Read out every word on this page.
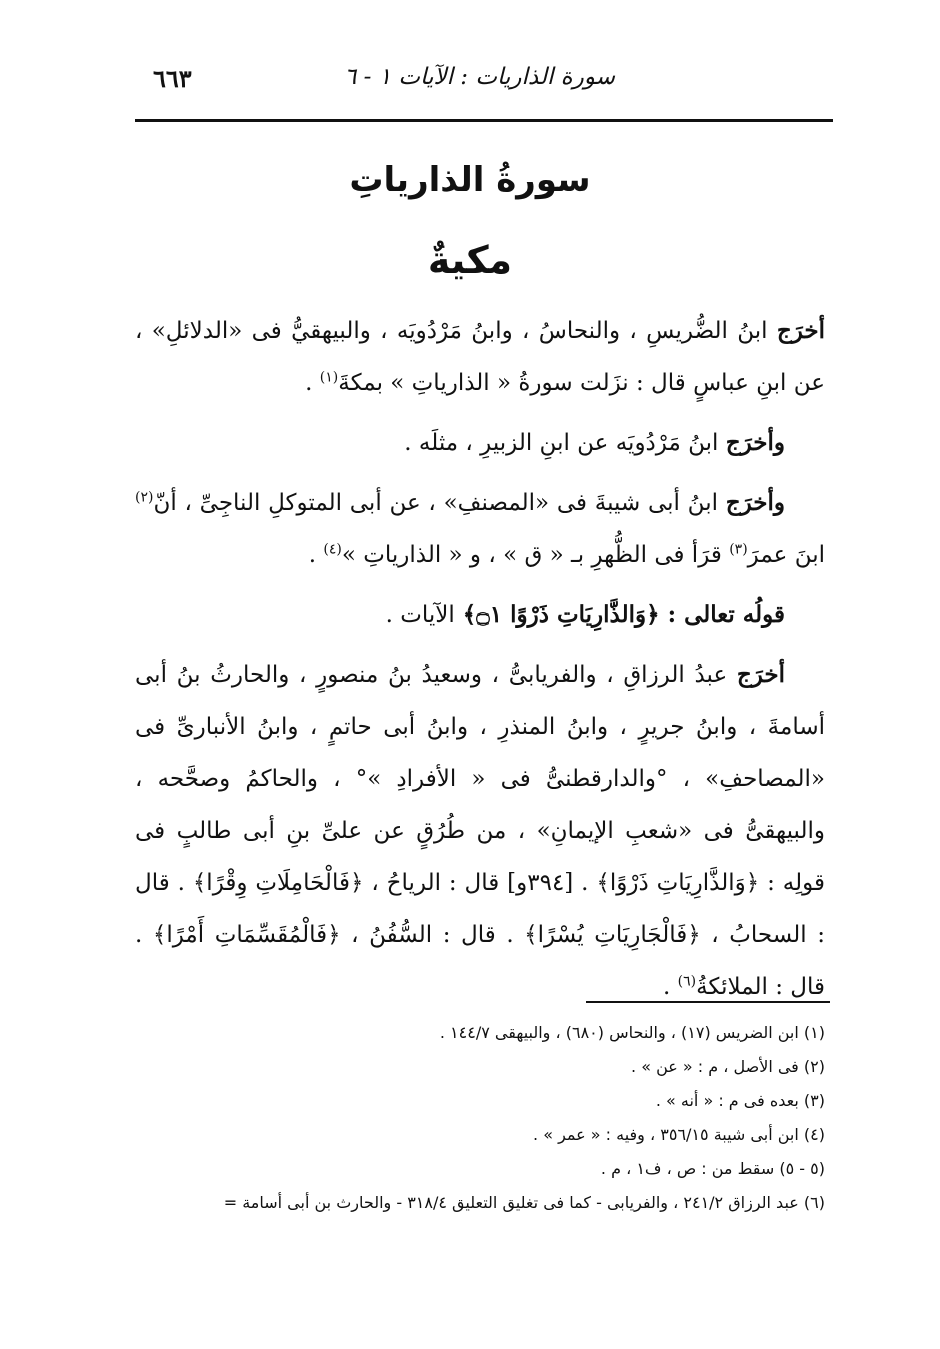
٦٦٣	سورة الذاريات : الآيات ١ - ٦
سورةُ الذارياتِ
مكيةٌ

أخرَج ابنُ الضُّريسِ ، والنحاسُ ، وابنُ مَرْدُويَه ، والبيهقيُّ فى «الدلائلِ» ، عن ابنِ عباسٍ قال : نزَلت سورةُ « الذارياتِ » بمكةَ$^{(١)}$ .

وأخرَج ابنُ مَرْدُويَه عن ابنِ الزبيرِ ، مثلَه .

وأخرَج ابنُ أبى شيبةَ فى «المصنفِ» ، عن أبى المتوكلِ الناجِىِّ ، أنّ$^{(٢)}$ ابنَ عمرَ$^{(٣)}$ قرَأ فى الظُّهرِ بـ « ق » ، و « الذارياتِ »$^{(٤)}$ .

قولُه تعالى : ﴿وَالذَّارِيَاتِ ذَرْوًا ۝١﴾ الآيات .

أخرَج عبدُ الرزاقِ ، والفريابىُّ ، وسعيدُ بنُ منصورٍ ، والحارثُ بنُ أبى أسامةَ ، وابنُ جريرٍ ، وابنُ المنذرِ ، وابنُ أبى حاتمٍ ، وابنُ الأنبارىِّ فى «المصاحفِ» ، °والدارقطنىُّ فى « الأفرادِ »° ، والحاكمُ وصحَّحه ، والبيهقىُّ فى «شعبِ الإيمانِ» ، من طُرُقٍ عن علىِّ بنِ أبى طالبٍ فى قولِه : ﴿وَالذَّارِيَاتِ ذَرْوًا﴾ . [٣٩٤و] قال : الرياحُ ، ﴿فَالْحَامِلَاتِ وِقْرًا﴾ . قال : السحابُ ، ﴿فَالْجَارِيَاتِ يُسْرًا﴾ . قال : السُّفُنُ ، ﴿فَالْمُقَسِّمَاتِ أَمْرًا﴾ . قال : الملائكةُ$^{(٦)}$ .

(١) ابن الضريس (١٧) ، والنحاس (٦٨٠) ، والبيهقى ١٤٤/٧ .
(٢) فى الأصل ، م : « عن » .
(٣) بعده فى م : « أنه » .
(٤) ابن أبى شيبة ٣٥٦/١٥ ، وفيه : « عمر » .
(٥ - ٥) سقط من : ص ، ف١ ، م .
(٦) عبد الرزاق ٢٤١/٢ ، والفريابى - كما فى تغليق التعليق ٣١٨/٤ - والحارث بن أبى أسامة =
